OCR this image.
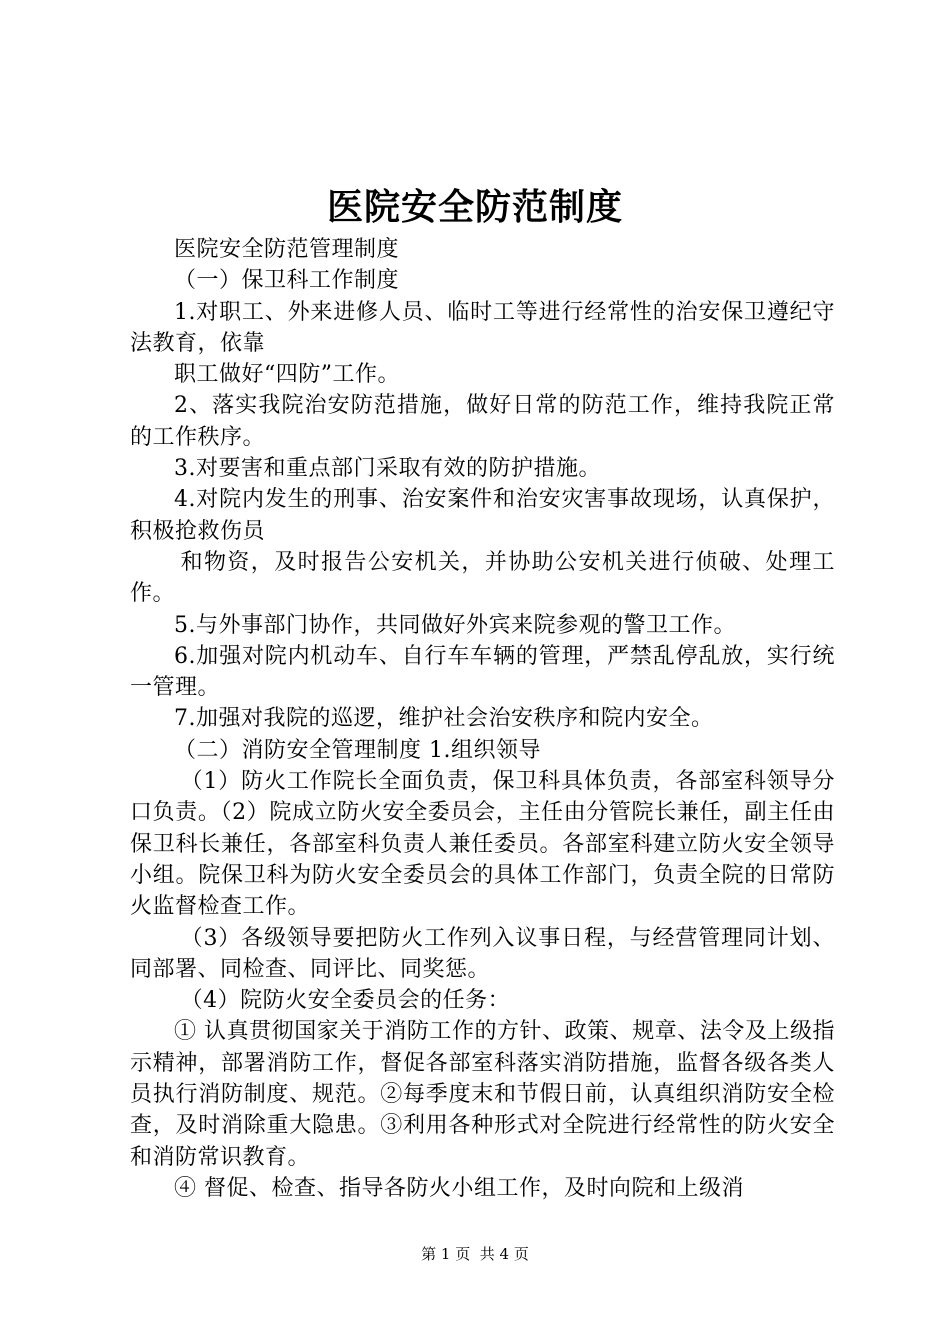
医院安全防范制度

医院安全防范管理制度

（一）保卫科工作制度

1.对职工、外来进修人员、临时工等进行经常性的治安保卫遵纪守法教育，依靠

职工做好“四防”工作。

2、落实我院治安防范措施，做好日常的防范工作，维持我院正常的工作秩序。

3.对要害和重点部门采取有效的防护措施。

4.对院内发生的刑事、治安案件和治安灾害事故现场，认真保护，积极抢救伤员

和物资，及时报告公安机关，并协助公安机关进行侦破、处理工作。

5.与外事部门协作，共同做好外宾来院参观的警卫工作。

6.加强对院内机动车、自行车车辆的管理，严禁乱停乱放，实行统一管理。

7.加强对我院的巡逻，维护社会治安秩序和院内安全。

（二）消防安全管理制度 1.组织领导

（1）防火工作院长全面负责，保卫科具体负责，各部室科领导分口负责。（2）院成立防火安全委员会，主任由分管院长兼任，副主任由保卫科长兼任，各部室科负责人兼任委员。各部室科建立防火安全领导小组。院保卫科为防火安全委员会的具体工作部门，负责全院的日常防火监督检查工作。

（3）各级领导要把防火工作列入议事日程，与经营管理同计划、同部署、同检查、同评比、同奖惩。

（4）院防火安全委员会的任务：

① 认真贯彻国家关于消防工作的方针、政策、规章、法令及上级指示精神，部署消防工作，督促各部室科落实消防措施，监督各级各类人员执行消防制度、规范。②每季度末和节假日前，认真组织消防安全检查，及时消除重大隐患。③利用各种形式对全院进行经常性的防火安全和消防常识教育。

④ 督促、检查、指导各防火小组工作，及时向院和上级消

第 1 页 共 4 页
